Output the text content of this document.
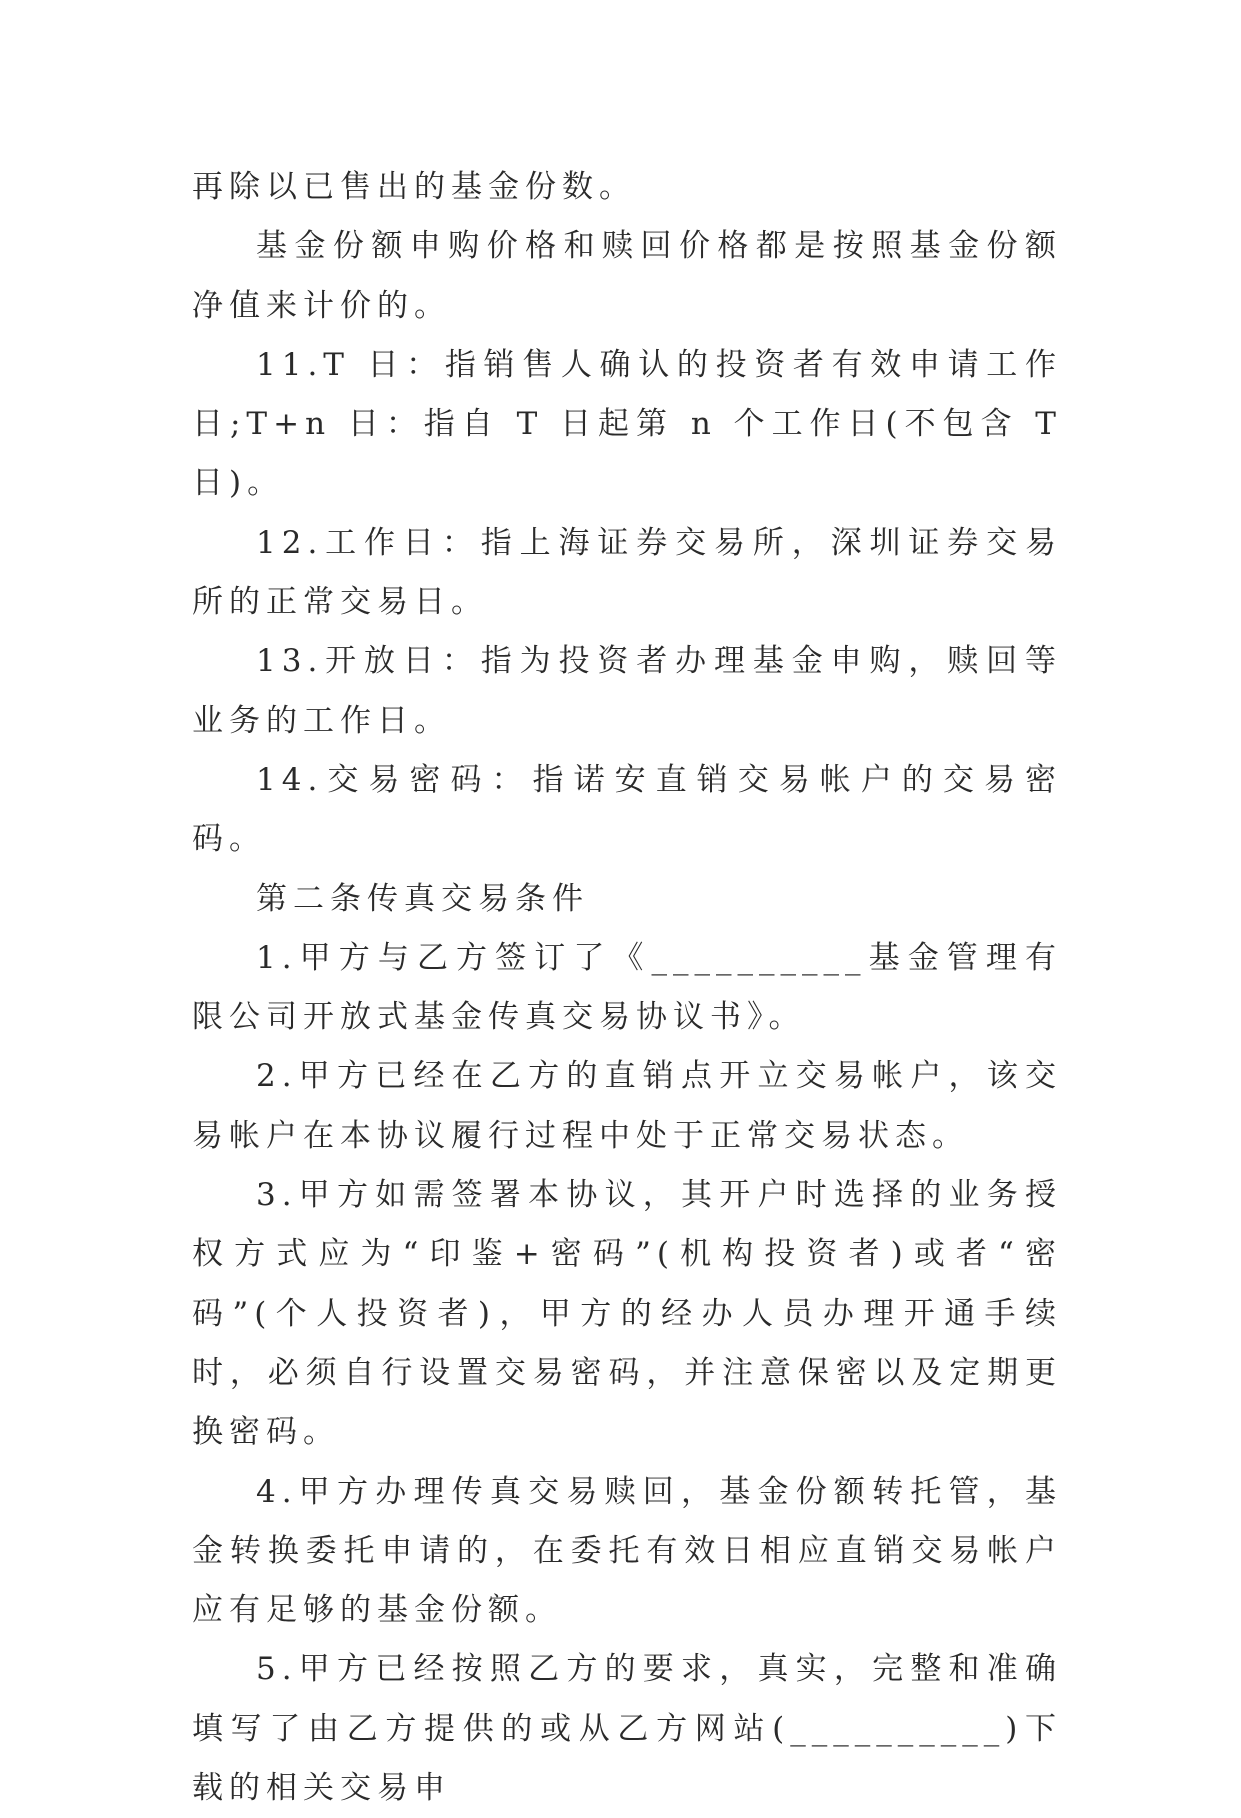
再除以已售出的基金份数。

基金份额申购价格和赎回价格都是按照基金份额净值来计价的。

11.T 日：指销售人确认的投资者有效申请工作日;T+n 日：指自 T 日起第 n 个工作日(不包含 T 日)。

12.工作日：指上海证券交易所，深圳证券交易所的正常交易日。

13.开放日：指为投资者办理基金申购，赎回等业务的工作日。

14.交易密码：指诺安直销交易帐户的交易密码。

第二条传真交易条件

1.甲方与乙方签订了《__________基金管理有限公司开放式基金传真交易协议书》。

2.甲方已经在乙方的直销点开立交易帐户，该交易帐户在本协议履行过程中处于正常交易状态。

3.甲方如需签署本协议，其开户时选择的业务授权方式应为“印鉴+密码”(机构投资者)或者“密码”(个人投资者)，甲方的经办人员办理开通手续时，必须自行设置交易密码，并注意保密以及定期更换密码。

4.甲方办理传真交易赎回，基金份额转托管，基金转换委托申请的，在委托有效日相应直销交易帐户应有足够的基金份额。

5.甲方已经按照乙方的要求，真实，完整和准确填写了由乙方提供的或从乙方网站(__________)下载的相关交易申
